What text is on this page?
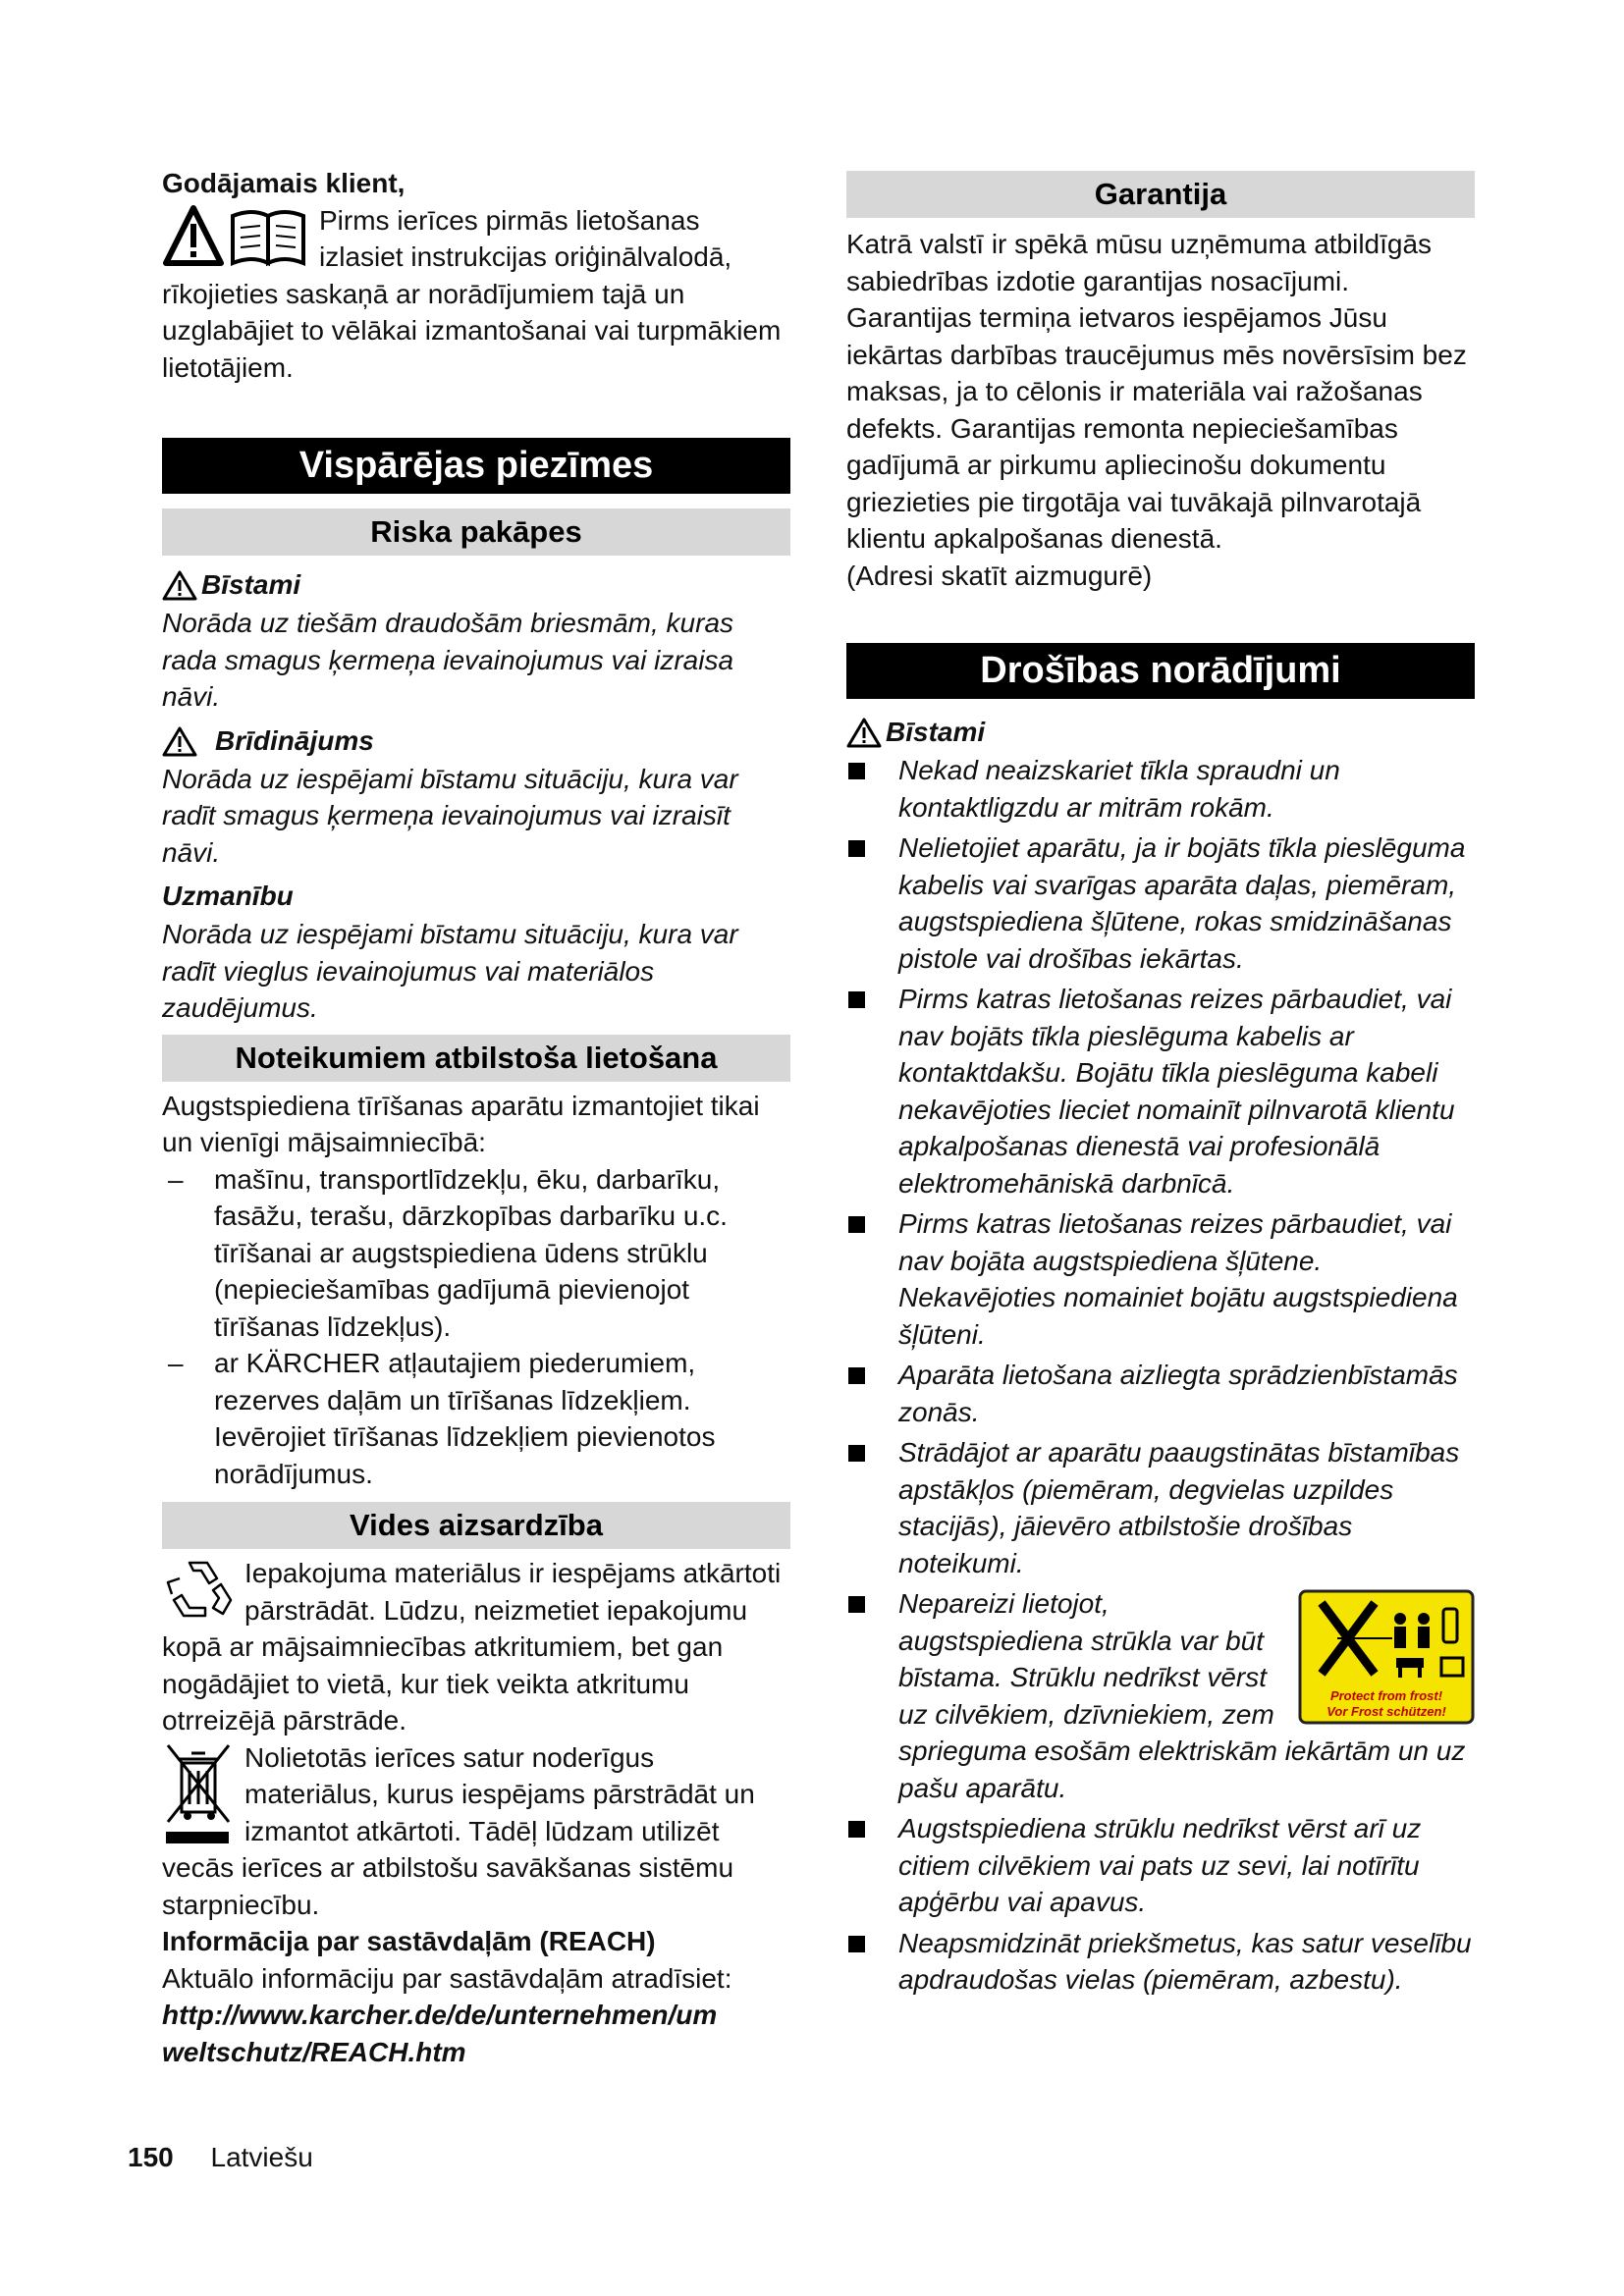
Godājamais klient,

Pirms ierīces pirmās lietošanas izlasiet instrukcijas oriģinālvalodā, rīkojieties saskaņā ar norādījumiem tajā un uzglabājiet to vēlākai izmantošanai vai turpmākiem lietotājiem.

Vispārējas piezīmes
Riska pakāpes
Bīstami

Norāda uz tiešām draudošām briesmām, kuras rada smagus ķermeņa ievainojumus vai izraisa nāvi.

Brīdinājums

Norāda uz iespējami bīstamu situāciju, kura var radīt smagus ķermeņa ievainojumus vai izraisīt nāvi.

Uzmanību

Norāda uz iespējami bīstamu situāciju, kura var radīt vieglus ievainojumus vai materiālos zaudējumus.

Noteikumiem atbilstoša lietošana

Augstspiediena tīrīšanas aparātu izmantojiet tikai un vienīgi mājsaimniecībā:

– mašīnu, transportlīdzekļu, ēku, darbarīku, fasāžu, terašu, dārzkopības darbarīku u.c. tīrīšanai ar augstspiediena ūdens strūklu (nepieciešamības gadījumā pievienojot tīrīšanas līdzekļus).
– ar KÄRCHER atļautajiem piederumiem, rezerves daļām un tīrīšanas līdzekļiem. Ievērojiet tīrīšanas līdzekļiem pievienotos norādījumus.
Vides aizsardzība

Iepakojuma materiālus ir iespējams atkārtoti pārstrādāt. Lūdzu, neizmetiet iepakojumu kopā ar mājsaimniecības atkritumiem, bet gan nogādājiet to vietā, kur tiek veikta atkritumu otrreizējā pārstrāde.

Nolietotās ierīces satur noderīgus materiālus, kurus iespējams pārstrādāt un izmantot atkārtoti. Tādēļ lūdzam utilizēt vecās ierīces ar atbilstošu savākšanas sistēmu starpniecību.

Informācija par sastāvdaļām (REACH)

Aktuālo informāciju par sastāvdaļām atradīsiet:

http://www.karcher.de/de/unternehmen/umweltschutz/REACH.htm

Garantija

Katrā valstī ir spēkā mūsu uzņēmuma atbildīgās sabiedrības izdotie garantijas nosacījumi. Garantijas termiņa ietvaros iespējamos Jūsu iekārtas darbības traucējumus mēs novērsīsim bez maksas, ja to cēlonis ir materiāla vai ražošanas defekts. Garantijas remonta nepieciešamības gadījumā ar pirkumu apliecinošu dokumentu griezieties pie tirgotāja vai tuvākajā pilnvarotajā klientu apkalpošanas dienestā.

(Adresi skatīt aizmugurē)

Drošības norādījumi
Bīstami
Nekad neaizskariet tīkla spraudni un kontaktligzdu ar mitrām rokām.
Nelietojiet aparātu, ja ir bojāts tīkla pieslēguma kabelis vai svarīgas aparāta daļas, piemēram, augstspiediena šļūtene, rokas smidzināšanas pistole vai drošības iekārtas.
Pirms katras lietošanas reizes pārbaudiet, vai nav bojāts tīkla pieslēguma kabelis ar kontaktdakšu. Bojātu tīkla pieslēguma kabeli nekavējoties lieciet nomainīt pilnvarotā klientu apkalpošanas dienestā vai profesionālā elektromehāniskā darbnīcā.
Pirms katras lietošanas reizes pārbaudiet, vai nav bojāta augstspiediena šļūtene. Nekavējoties nomainiet bojātu augstspiediena šļūteni.
Aparāta lietošana aizliegta sprādzienbīstamās zonās.
Strādājot ar aparātu paaugstinātas bīstamības apstākļos (piemēram, degvielas uzpildes stacijās), jāievēro atbilstošie drošības noteikumi.
Protect from frost!
Vor Frost schützen!
Nepareizi lietojot, augstspiediena strūkla var būt bīstama. Strūklu nedrīkst vērst uz cilvēkiem, dzīvniekiem, zem sprieguma esošām elektriskām iekārtām un uz pašu aparātu.
Augstspiediena strūklu nedrīkst vērst arī uz citiem cilvēkiem vai pats uz sevi, lai notīrītu apģērbu vai apavus.
Neapsmidzināt priekšmetus, kas satur veselību apdraudošas vielas (piemēram, azbestu).
150 Latviešu
